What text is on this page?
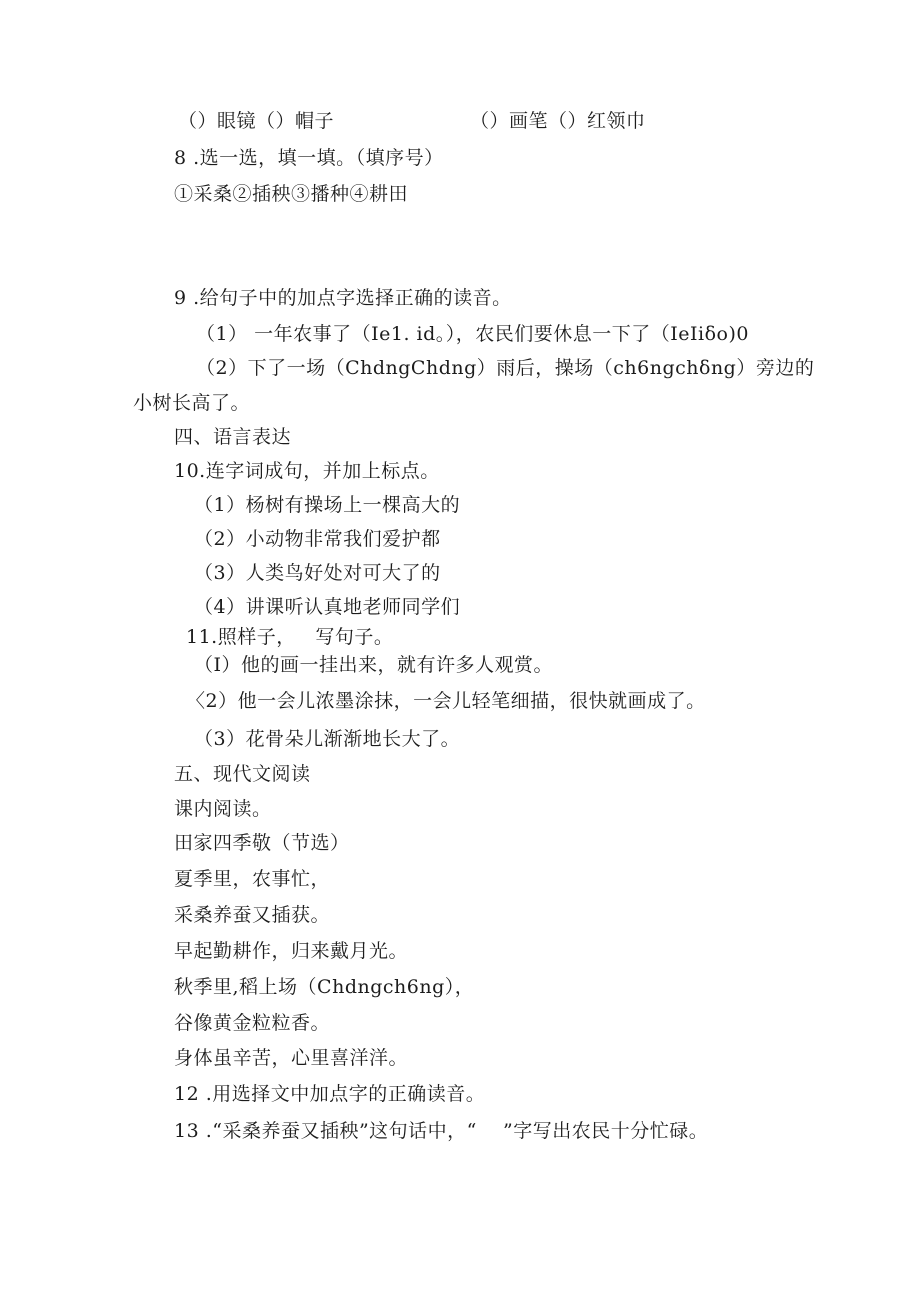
（）眼镜（）帽子	（）画笔（）红领巾
8 .选一选，填一填。（填序号）
①采桑②插秧③播种④耕田
9 .给句子中的加点字选择正确的读音。
（1） 一年农事了（Ie1. id。），农民们要休息一下了（IeIiδo)0
（2）下了一场（ChdngChdng）雨后，操场（ch6ngchδng）旁边的
小树长高了。
四、语言表达
10.连字词成句，并加上标点。
（1）杨树有操场上一棵高大的
（2）小动物非常我们爱护都
（3）人类鸟好处对可大了的
（4）讲课听认真地老师同学们
11.照样子，   写句子。
（I）他的画一挂出来，就有许多人观赏。
〈2）他一会儿浓墨涂抹，一会儿轻笔细描，很快就画成了。
（3）花骨朵儿渐渐地长大了。
五、现代文阅读
课内阅读。
田家四季敬（节选）
夏季里，农事忙，
采桑养蚕又插获。
早起勤耕作，归来戴月光。
秋季里,稻上场（Chdngch6ng），
谷像黄金粒粒香。
身体虽辛苦，心里喜洋洋。
12 .用选择文中加点字的正确读音。
13 .“采桑养蚕又插秧”这句话中，“    ”字写出农民十分忙碌。
